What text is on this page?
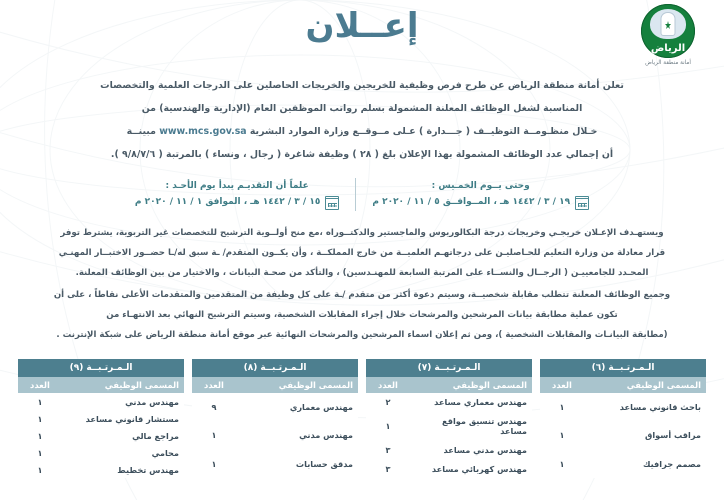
الرياض
أمانة منطقة الرياض
إعــلان
تعلن أمانة منطقة الرياض عن طرح فرص وظيفية للخريجين والخريجات الحاصلين على الدرجات العلمية والتخصصات
المناسبة لشغل الوظائف المعلنة المشمولة بسلم رواتب الموظفين العام (الإدارية والهندسية) من
خـلال منظـومــة التوظيــف ( جـــدارة ) عـلى مــوقــع وزارة الموارد البشرية www.mcs.gov.sa مبينــة
أن إجمالي عدد الوظائف المشمولة بهذا الإعلان بلغ ( ٢٨ ) وظيفة شاغرة ( رجال ، ونساء ) بالمرتبة ( ٩/٨/٧/٦ ).
وحتى يــوم الخمـيس :
١٩ / ٣ / ١٤٤٢ هـ ، المــوافــق ٥ / ١١ / ٢٠٢٠ م
علماً أن التقديـم يبدأ يوم الأحـد :
١٥ / ٣ / ١٤٤٢ هـ ، الموافق ١ / ١١ / ٢٠٢٠ م
ويستهـدف الإعـلان خريجـي وخريجات درجة البكالوريوس والماجستير والدكتــوراه ،مع منح أولــوية الترشيح للتخصصات غير التربوية، يشترط توفر
قرار معادلة من وزارة التعليم للحـاصليـن على درجاتهـم العلميــة من خارج المملكــة ، وأن يكــون المتقدم/ ـة سبق له/ـا حضــور الاختبــار المهنـي
المحـدد للجامعييـن ( الرجــال والنســاء على المرتبة السابعة للمهنـدسين) ، والتأكد من صحـة البيانات ، والاختيار من بين الوظائف المعلنة.
وجميع الوظائف المعلنة تتطلب مقابلة شخصيــة، وسيتم دعوة أكثر من متقدم /ـة على كل وظيفة من المتقدمين والمتقدمات الأعلى نقاطاً ، على أن
تكون عملية مطابقة بيانات المرشحين والمرشحات خلال إجراء المقابلات الشخصية، وسيتم الترشيح النهائي بعد الانتهـاء من
(مطابقة البيانـات والمقابلات الشخصية )، ومن ثم إعلان اسماء المرشحين والمرشحات النهائية عبر موقع أمانة منطقة الرياض على شبكة الإنترنت .
الـمـرتـبــة (٦)	
المسمى الوظيفي	العدد
باحث قانوني مساعد	١
مراقب أسواق	١
مصمم جرافيك	١
الـمـرتـبــة (٧)	
المسمى الوظيفي	العدد
مهندس معماري مساعد	٢
مهندس تنسيق مواقع مساعد	١
مهندس مدني مساعد	٣
مهندس كهربائي مساعد	٣
الـمـرتـبــة (٨)	
المسمى الوظيفي	العدد
مهندس معماري	٩
مهندس مدني	١
مدقق حسابات	١
الـمـرتـبــة (٩)	
المسمى الوظيفي	العدد
مهندس مدني	١
مستشار قانوني مساعد	١
مراجع مالي	١
محامي	١
مهندس تخطيط	١
